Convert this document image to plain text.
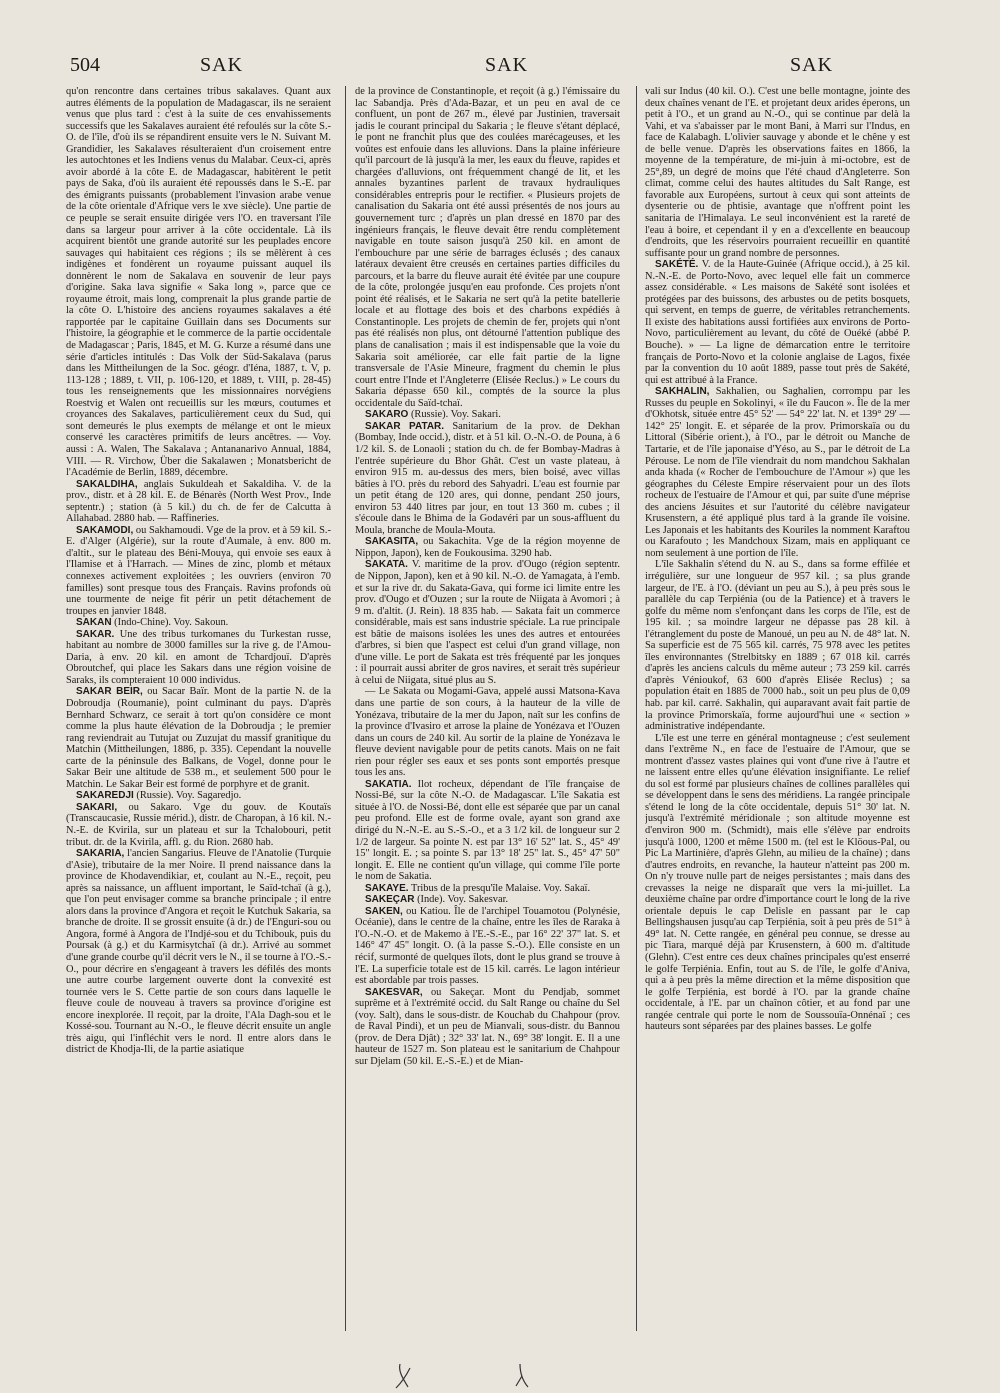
504	SAK	SAK	SAK

qu'on rencontre dans certaines tribus sakalaves. Quant aux autres éléments de la population de Madagascar, ils ne seraient venus que plus tard : c'est à la suite de ces envahissements successifs que les Sakalaves auraient été refoulés sur la côte S.-O. de l'île, d'où ils se répandirent ensuite vers le N. Suivant M. Grandidier, les Sakalaves résulteraient d'un croisement entre les autochtones et les Indiens venus du Malabar. Ceux-ci, après avoir abordé à la côte E. de Madagascar, habitèrent le petit pays de Saka, d'où ils auraient été repoussés dans le S.-E. par des émigrants puissants (probablement l'invasion arabe venue de la côte orientale d'Afrique vers le xve siècle). Une partie de ce peuple se serait ensuite dirigée vers l'O. en traversant l'île dans sa largeur pour arriver à la côte occidentale. Là ils acquirent bientôt une grande autorité sur les peuplades encore sauvages qui habitaient ces régions ; ils se mêlèrent à ces indigènes et fondèrent un royaume puissant auquel ils donnèrent le nom de Sakalava en souvenir de leur pays d'origine. Saka lava signifie « Saka long », parce que ce royaume étroit, mais long, comprenait la plus grande partie de la côte O. L'histoire des anciens royaumes sakalaves a été rapportée par le capitaine Guillain dans ses Documents sur l'histoire, la géographie et le commerce de la partie occidentale de Madagascar ; Paris, 1845, et M. G. Kurze a résumé dans une série d'articles intitulés : Das Volk der Süd-Sakalava (parus dans les Mittheilungen de la Soc. géogr. d'Iéna, 1887, t. V, p. 113-128 ; 1889, t. VII, p. 106-120, et 1889, t. VIII, p. 28-45) tous les renseignements que les missionnaires norvégiens Roestvig et Walen ont recueillis sur les mœurs, coutumes et croyances des Sakalaves, particulièrement ceux du Sud, qui sont demeurés le plus exempts de mélange et ont le mieux conservé les caractères primitifs de leurs ancêtres. — Voy. aussi : A. Walen, The Sakalava ; Antananarivo Annual, 1884, VIII. — R. Virchow, Über die Sakalawen ; Monatsbericht de l'Académie de Berlin, 1889, décembre.

SAKALDIHA, anglais Sukuldeah et Sakaldiha. V. de la prov., distr. et à 28 kil. E. de Bénarès (North West Prov., Inde septentr.) ; station (à 5 kil.) du ch. de fer de Calcutta à Allahabad. 2880 hab. — Raffineries.

SAKAMODI, ou Sakhamoudi. Vge de la prov. et à 59 kil. S.-E. d'Alger (Algérie), sur la route d'Aumale, à env. 800 m. d'altit., sur le plateau des Béni-Mouya, qui envoie ses eaux à l'Ilamise et à l'Harrach. — Mines de zinc, plomb et métaux connexes activement exploitées ; les ouvriers (environ 70 familles) sont presque tous des Français. Ravins profonds où une tourmente de neige fit périr un petit détachement de troupes en janvier 1848.

SAKAN (Indo-Chine). Voy. Sakoun.

SAKAR. Une des tribus turkomanes du Turkestan russe, habitant au nombre de 3000 familles sur la rive g. de l'Amou-Daria, à env. 20 kil. en amont de Tchardjouï. D'après Obroutchef, qui place les Sakars dans une région voisine de Saraks, ils compteraient 10 000 individus.

SAKAR BEIR, ou Sacar Baïr. Mont de la partie N. de la Dobroudja (Roumanie), point culminant du pays. D'après Bernhard Schwarz, ce serait à tort qu'on considère ce mont comme la plus haute élévation de la Dobroudja ; le premier rang reviendrait au Tutujat ou Zuzujat du massif granitique du Matchin (Mittheilungen, 1886, p. 335). Cependant la nouvelle carte de la péninsule des Balkans, de Vogel, donne pour le Sakar Beir une altitude de 538 m., et seulement 500 pour le Matchin. Le Sakar Beir est formé de porphyre et de granit.

SAKAREDJI (Russie). Voy. Sagaredjo.

SAKARI, ou Sakaro. Vge du gouv. de Koutaïs (Transcaucasie, Russie mérid.), distr. de Charopan, à 16 kil. N.-N.-E. de Kvirila, sur un plateau et sur la Tchalobouri, petit tribut. dr. de la Kvirila, affl. g. du Rion. 2680 hab.

SAKARIA, l'ancien Sangarius. Fleuve de l'Anatolie (Turquie d'Asie), tributaire de la mer Noire. Il prend naissance dans la province de Khodavendikiar, et, coulant au N.-E., reçoit, peu après sa naissance, un affluent important, le Saïd-tchaï (à g.), que l'on peut envisager comme sa branche principale ; il entre alors dans la province d'Angora et reçoit le Kutchuk Sakaria, sa branche de droite. Il se grossit ensuite (à dr.) de l'Enguri-sou ou Angora, formé à Angora de l'Indjé-sou et du Tchibouk, puis du Poursak (à g.) et du Karmisytchaï (à dr.). Arrivé au sommet d'une grande courbe qu'il décrit vers le N., il se tourne à l'O.-S.-O., pour décrire en s'engageant à travers les défilés des monts une autre courbe largement ouverte dont la convexité est tournée vers le S. Cette partie de son cours dans laquelle le fleuve coule de nouveau à travers sa province d'origine est encore inexplorée. Il reçoit, par la droite, l'Ala Dagh-sou et le Kossé-sou. Tournant au N.-O., le fleuve décrit ensuite un angle très aigu, qui l'infléchit vers le nord. Il entre alors dans le district de Khodja-Ili, de la partie asiatique

de la province de Constantinople, et reçoit (à g.) l'émissaire du lac Sabandja. Près d'Ada-Bazar, et un peu en aval de ce confluent, un pont de 267 m., élevé par Justinien, traversait jadis le courant principal du Sakaria ; le fleuve s'étant déplacé, le pont ne franchit plus que des coulées marécageuses, et les voûtes est enfouie dans les alluvions. Dans la plaine inférieure qu'il parcourt de là jusqu'à la mer, les eaux du fleuve, rapides et chargées d'alluvions, ont fréquemment changé de lit, et les annales byzantines parlent de travaux hydrauliques considérables entrepris pour le rectifier. « Plusieurs projets de canalisation du Sakaria ont été aussi présentés de nos jours au gouvernement turc ; d'après un plan dressé en 1870 par des ingénieurs français, le fleuve devait être rendu complètement navigable en toute saison jusqu'à 250 kil. en amont de l'embouchure par une série de barrages éclusés ; des canaux latéraux devaient être creusés en certaines parties difficiles du parcours, et la barre du fleuve aurait été évitée par une coupure de la côte, prolongée jusqu'en eau profonde. Ces projets n'ont point été réalisés, et le Sakaria ne sert qu'à la petite batellerie locale et au flottage des bois et des charbons expédiés à Constantinople. Les projets de chemin de fer, projets qui n'ont pas été réalisés non plus, ont détourné l'attention publique des plans de canalisation ; mais il est indispensable que la voie du Sakaria soit améliorée, car elle fait partie de la ligne transversale de l'Asie Mineure, fragment du chemin le plus court entre l'Inde et l'Angleterre (Elisée Reclus.) » Le cours du Sakaria dépasse 650 kil., comptés de la source la plus occidentale du Saïd-tchaï.

SAKARO (Russie). Voy. Sakari.

SAKAR PATAR. Sanitarium de la prov. de Dekhan (Bombay, Inde occid.), distr. et à 51 kil. O.-N.-O. de Pouna, à 6 1/2 kil. S. de Lonaoli ; station du ch. de fer Bombay-Madras à l'entrée supérieure du Bhor Ghât. C'est un vaste plateau, à environ 915 m. au-dessus des mers, bien boisé, avec villas bâties à l'O. près du rebord des Sahyadri. L'eau est fournie par un petit étang de 120 ares, qui donne, pendant 250 jours, environ 53 440 litres par jour, en tout 13 360 m. cubes ; il s'écoule dans le Bhima de la Godavéri par un sous-affluent du Moula, branche de Moula-Mouta.

SAKASITA, ou Sakachita. Vge de la région moyenne de Nippon, Japon), ken de Foukousima. 3290 hab.

SAKATA. V. maritime de la prov. d'Ougo (région septentr. de Nippon, Japon), ken et à 90 kil. N.-O. de Yamagata, à l'emb. et sur la rive dr. du Sakata-Gava, qui forme ici limite entre les prov. d'Ougo et d'Ouzen ; sur la route de Niigata à Avomori ; à 9 m. d'altit. (J. Rein). 18 835 hab. — Sakata fait un commerce considérable, mais est sans industrie spéciale. La rue principale est bâtie de maisons isolées les unes des autres et entourées d'arbres, si bien que l'aspect est celui d'un grand village, non d'une ville. Le port de Sakata est très fréquenté par les jonques : il pourrait aussi abriter de gros navires, et serait très supérieur à celui de Niigata, situé plus au S.

— Le Sakata ou Mogami-Gava, appelé aussi Matsona-Kava dans une partie de son cours, à la hauteur de la ville de Yonézava, tributaire de la mer du Japon, naît sur les confins de la province d'Ivasiro et arrose la plaine de Yonézava et l'Ouzen dans un cours de 240 kil. Au sortir de la plaine de Yonézava le fleuve devient navigable pour de petits canots. Mais on ne fait rien pour régler ses eaux et ses ponts sont emportés presque tous les ans.

SAKATIA. Ilot rocheux, dépendant de l'île française de Nossi-Bé, sur la côte N.-O. de Madagascar. L'île Sakatia est située à l'O. de Nossi-Bé, dont elle est séparée que par un canal peu profond. Elle est de forme ovale, ayant son grand axe dirigé du N.-N.-E. au S.-S.-O., et a 3 1/2 kil. de longueur sur 2 1/2 de largeur. Sa pointe N. est par 13° 16' 52" lat. S., 45° 49' 15" longit. E. ; sa pointe S. par 13° 18' 25" lat. S., 45° 47' 50" longit. E. Elle ne contient qu'un village, qui comme l'île porte le nom de Sakatia.

SAKAYE. Tribus de la presqu'île Malaise. Voy. Sakaï.

SAKEÇAR (Inde). Voy. Sakesvar.

SAKEN, ou Katiou. Île de l'archipel Touamotou (Polynésie, Océanie), dans le centre de la chaîne, entre les îles de Raraka à l'O.-N.-O. et de Makemo à l'E.-S.-E., par 16° 22' 37" lat. S. et 146° 47' 45" longit. O. (à la passe S.-O.). Elle consiste en un récif, surmonté de quelques îlots, dont le plus grand se trouve à l'E. La superficie totale est de 15 kil. carrés. Le lagon intérieur est abordable par trois passes.

SAKESVAR, ou Sakeçar. Mont du Pendjab, sommet suprême et à l'extrémité occid. du Salt Range ou chaîne du Sel (voy. Salt), dans le sous-distr. de Kouchab du Chahpour (prov. de Raval Pindi), et un peu de Mianvali, sous-distr. du Bannou (prov. de Dera Djât) ; 32° 33' lat. N., 69° 38' longit. E. Il a une hauteur de 1527 m. Son plateau est le sanitarium de Chahpour sur Djelam (50 kil. E.-S.-E.) et de Mian-

vali sur Indus (40 kil. O.). C'est une belle montagne, jointe des deux chaînes venant de l'E. et projetant deux arides éperons, un petit à l'O., et un grand au N.-O., qui se continue par delà la Vahi, et va s'abaisser par le mont Bani, à Marri sur l'Indus, en face de Kalabagh. L'olivier sauvage y abonde et le chêne y est de belle venue. D'après les observations faites en 1866, la moyenne de la température, de mi-juin à mi-octobre, est de 25°,89, un degré de moins que l'été chaud d'Angleterre. Son climat, comme celui des hautes altitudes du Salt Range, est favorable aux Européens, surtout à ceux qui sont atteints de dysenterie ou de phtisie, avantage que n'offrent point les sanitaria de l'Himalaya. Le seul inconvénient est la rareté de l'eau à boire, et cependant il y en a d'excellente en beaucoup d'endroits, que les réservoirs pourraient recueillir en quantité suffisante pour un grand nombre de personnes.

SAKÉTÉ. V. de la Haute-Guinée (Afrique occid.), à 25 kil. N.-N.-E. de Porto-Novo, avec lequel elle fait un commerce assez considérable. « Les maisons de Sakété sont isolées et protégées par des buissons, des arbustes ou de petits bosquets, qui servent, en temps de guerre, de véritables retranchements. Il existe des habitations aussi fortifiées aux environs de Porto-Novo, particulièrement au levant, du côté de Ouéké (abbé P. Bouche). » — La ligne de démarcation entre le territoire français de Porto-Novo et la colonie anglaise de Lagos, fixée par la convention du 10 août 1889, passe tout près de Sakété, qui est attribué à la France.

SAKHALIN, Sakhalien, ou Saghalien, corrompu par les Russes du peuple en Sokolinyi, « île du Faucon ». Île de la mer d'Okhotsk, située entre 45° 52' — 54° 22' lat. N. et 139° 29' — 142° 25' longit. E. et séparée de la prov. Primorskaïa ou du Littoral (Sibérie orient.), à l'O., par le détroit ou Manche de Tartarie, et de l'île japonaise d'Yéso, au S., par le détroit de La Pérouse. Le nom de l'île viendrait du nom mandchou Sakhalan anda khada (« Rocher de l'embouchure de l'Amour ») que les géographes du Céleste Empire réservaient pour un des îlots rocheux de l'estuaire de l'Amour et qui, par suite d'une méprise des anciens Jésuites et sur l'autorité du célèbre navigateur Krusenstern, a été appliqué plus tard à la grande île voisine. Les Japonais et les habitants des Kouriles la nomment Karaftou ou Karafouto ; les Mandchoux Sizam, mais en appliquant ce nom seulement à une portion de l'île.

L'île Sakhalin s'étend du N. au S., dans sa forme effilée et irrégulière, sur une longueur de 957 kil. ; sa plus grande largeur, de l'E. à l'O. (déviant un peu au S.), à peu près sous le parallèle du cap Terpiénia (ou de la Patience) et à travers le golfe du même nom s'enfonçant dans les corps de l'île, est de 195 kil. ; sa moindre largeur ne dépasse pas 28 kil. à l'étranglement du poste de Manoué, un peu au N. de 48° lat. N. Sa superficie est de 75 565 kil. carrés, 75 978 avec les petites îles environnantes (Strelbitsky en 1889 ; 67 018 kil. carrés d'après les anciens calculs du même auteur ; 73 259 kil. carrés d'après Vénioukof, 63 600 d'après Elisée Reclus) ; sa population était en 1885 de 7000 hab., soit un peu plus de 0,09 hab. par kil. carré. Sakhalin, qui auparavant avait fait partie de la province Primorskaïa, forme aujourd'hui une « section » administrative indépendante.

L'île est une terre en général montagneuse ; c'est seulement dans l'extrême N., en face de l'estuaire de l'Amour, que se montrent d'assez vastes plaines qui vont d'une rive à l'autre et ne laissent entre elles qu'une élévation insignifiante. Le relief du sol est formé par plusieurs chaînes de collines parallèles qui se développent dans le sens des méridiens. La rangée principale s'étend le long de la côte occidentale, depuis 51° 30' lat. N. jusqu'à l'extrémité méridionale ; son altitude moyenne est d'environ 900 m. (Schmidt), mais elle s'élève par endroits jusqu'à 1000, 1200 et même 1500 m. (tel est le Klöous-Pal, ou Pic La Martinière, d'après Glehn, au milieu de la chaîne) ; dans d'autres endroits, en revanche, la hauteur n'atteint pas 200 m. On n'y trouve nulle part de neiges persistantes ; mais dans des crevasses la neige ne disparaît que vers la mi-juillet. La deuxième chaîne par ordre d'importance court le long de la rive orientale depuis le cap Delisle en passant par le cap Bellingshausen jusqu'au cap Terpiénia, soit à peu près de 51° à 49° lat. N. Cette rangée, en général peu connue, se dresse au pic Tiara, marqué déjà par Krusenstern, à 600 m. d'altitude (Glehn). C'est entre ces deux chaînes principales qu'est enserré le golfe Terpiénia. Enfin, tout au S. de l'île, le golfe d'Aniva, qui a à peu près la même direction et la même disposition que le golfe Terpiénia, est bordé à l'O. par la grande chaîne occidentale, à l'E. par un chaînon côtier, et au fond par une rangée centrale qui porte le nom de Soussouïa-Onnénaï ; ces hauteurs sont séparées par des plaines basses. Le golfe
